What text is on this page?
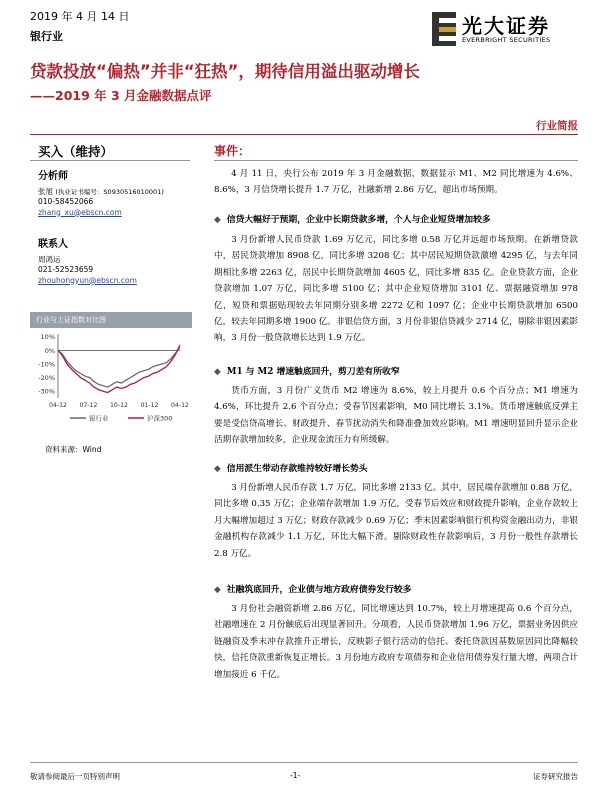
2019 年 4 月 14 日
银行业	光大证券
EVERBRIGHT SECURITIES
贷款投放“偏热”并非“狂热”，期待信用溢出驱动增长
——2019 年 3 月金融数据点评
行业简报
买入（维持）
分析师
张旭 (执业证书编号：S0930516010001)
010-58452066
zhang_xu@ebscn.com
联系人
周鸿运
021-52523659
zhouhongyun@ebscn.com
行业与上证指数对比图
10%
0%
-10%
-20%
-30%
04-12 07-12 10-12 01-12 04-12
银行业	沪深300
资料来源：Wind
事件：
4 月 11 日，央行公布 2019 年 3 月金融数据，数据显示 M1、M2 同比增速为 4.6%、8.6%，3 月信贷增长提升 1.7 万亿，社融新增 2.86 万亿，超出市场预期。
◆ 信贷大幅好于预期，企业中长期贷款多增，个人与企业短贷增加较多
3 月份新增人民币贷款 1.69 万亿元，同比多增 0.58 万亿并远超市场预期。在新增贷款中，居民贷款增加 8908 亿，同比多增 3208 亿；其中居民短期贷款激增 4295 亿，与去年同期相比多增 2263 亿，居民中长期贷款增加 4605 亿，同比多增 835 亿。企业贷款方面，企业贷款增加 1.07 万亿，同比多增 5100 亿；其中企业短贷增加 3101 亿、票据融资增加 978 亿，短贷和票据贴现较去年同期分别多增 2272 亿和 1097 亿；企业中长期贷款增加 6500 亿，较去年同期多增 1900 亿。非银信贷方面，3 月份非银信贷减少 2714 亿，剔除非银因素影响，3 月份一般贷款增长达到 1.9 万亿。
◆ M1 与 M2 增速触底回升，剪刀差有所收窄
货币方面，3 月份广义货币 M2 增速为 8.6%，较上月提升 0.6 个百分点；M1 增速为 4.6%，环比提升 2.6 个百分点；受春节因素影响，M0 同比增长 3.1%。货币增速触底反弹主要是受信贷高增长、财政提升、春节扰动消失和降准叠加效应影响。M1 增速明显回升显示企业活期存款增加较多，企业现金流压力有所缓解。
◆ 信用派生带动存款维持较好增长势头
3 月份新增人民币存款 1.7 万亿，同比多增 2133 亿。其中，居民端存款增加 0.88 万亿，同比多增 0.35 万亿；企业端存款增加 1.9 万亿，受春节后效应和财政提升影响，企业存款较上月大幅增加超过 3 万亿；财政存款减少 0.69 万亿；季末因素影响银行机构资金融出动力，非银金融机构存款减少 1.1 万亿，环比大幅下滑。剔除财政性存款影响后，3 月份一般性存款增长 2.8 万亿。
◆ 社融筑底回升，企业债与地方政府债券发行较多
3 月份社会融资新增 2.86 万亿，同比增速达到 10.7%，较上月增速提高 0.6 个百分点，社融增速在 2 月份触底后出现显著回升。分项看，人民币贷款增加 1.96 万亿，票据业务因供应链融资及季末冲存款推升正增长，反映影子银行活动的信托、委托贷款因基数原因同比降幅较快，信托贷款重新恢复正增长。3 月份地方政府专项债券和企业信用债券发行量大增，两项合计增加接近 6 千亿。
敬请参阅最后一页特别声明	-1-	证券研究报告
